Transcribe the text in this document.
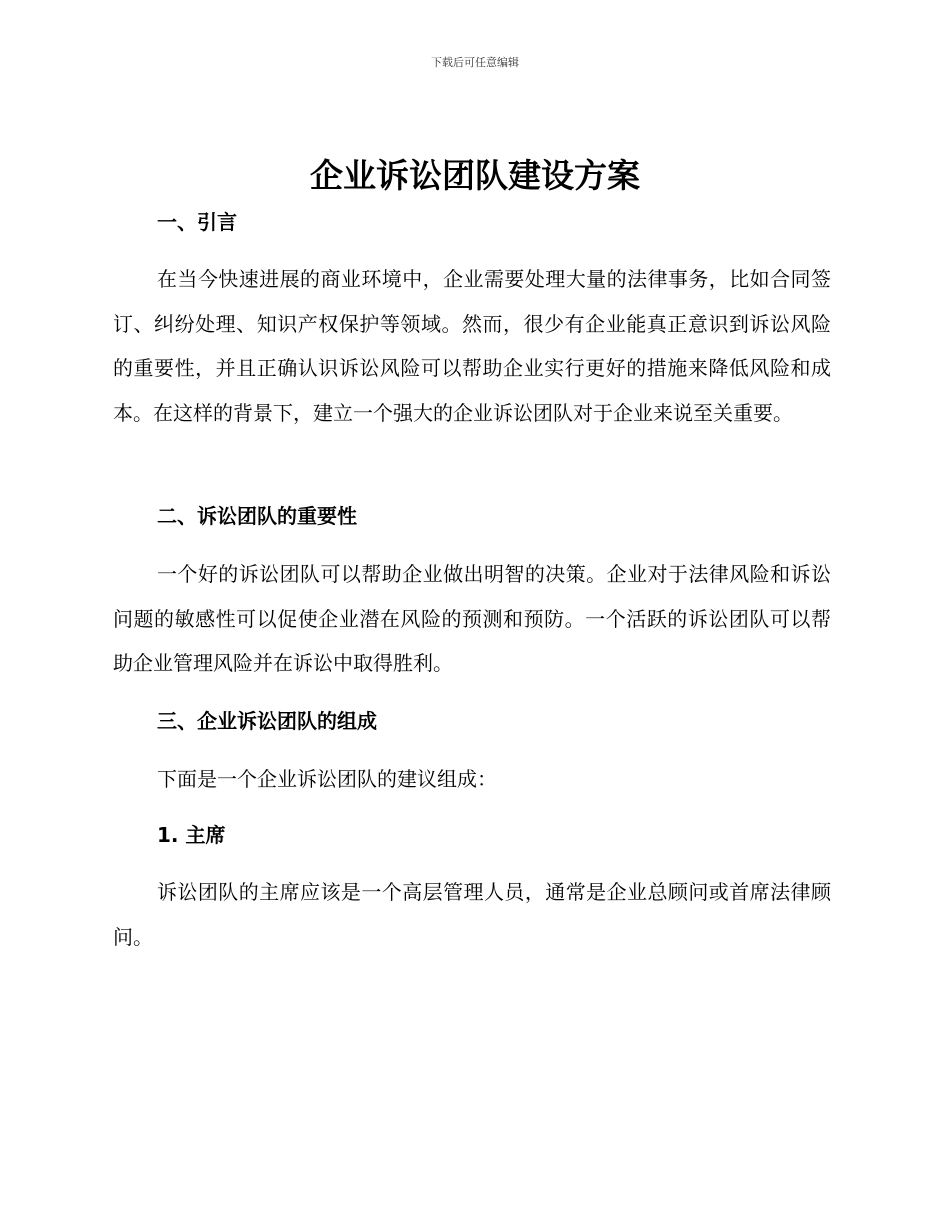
下载后可任意编辑
企业诉讼团队建设方案
一、引言
在当今快速进展的商业环境中，企业需要处理大量的法律事务，比如合同签订、纠纷处理、知识产权保护等领域。然而，很少有企业能真正意识到诉讼风险的重要性，并且正确认识诉讼风险可以帮助企业实行更好的措施来降低风险和成本。在这样的背景下，建立一个强大的企业诉讼团队对于企业来说至关重要。
二、诉讼团队的重要性
一个好的诉讼团队可以帮助企业做出明智的决策。企业对于法律风险和诉讼问题的敏感性可以促使企业潜在风险的预测和预防。一个活跃的诉讼团队可以帮助企业管理风险并在诉讼中取得胜利。
三、企业诉讼团队的组成
下面是一个企业诉讼团队的建议组成：
1. 主席
诉讼团队的主席应该是一个高层管理人员，通常是企业总顾问或首席法律顾问。
